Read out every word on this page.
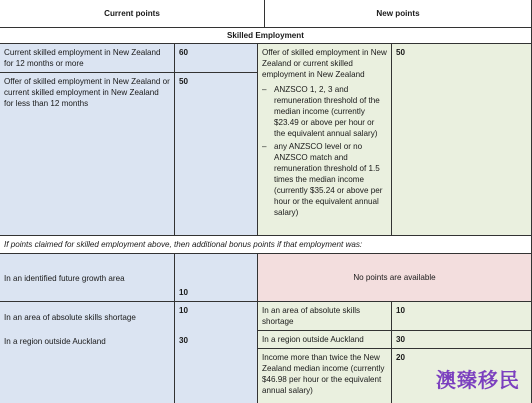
Current points	New points
Skilled Employment
Current skilled employment in New Zealand for 12 months or more
60
Offer of skilled employment in New Zealand or current skilled employment in New Zealand for less than 12 months
50
Offer of skilled employment in New Zealand or current skilled employment in New Zealand
– ANZSCO 1, 2, 3 and remuneration threshold of the median income (currently $23.49 or above per hour or the equivalent annual salary)
– any ANZSCO level or no ANZSCO match and remuneration threshold of 1.5 times the median income (currently $35.24 or above per hour or the equivalent annual salary)
50
If points claimed for skilled employment above, then additional bonus points if that employment was:
In an identified future growth area
10
In an area of absolute skills shortage
In a region outside Auckland
10
30
No points are available
In an area of absolute skills shortage
10
In a region outside Auckland	30
Income more than twice the New Zealand median income (currently $46.98 per hour or the equivalent annual salary)
20
澳臻移民
